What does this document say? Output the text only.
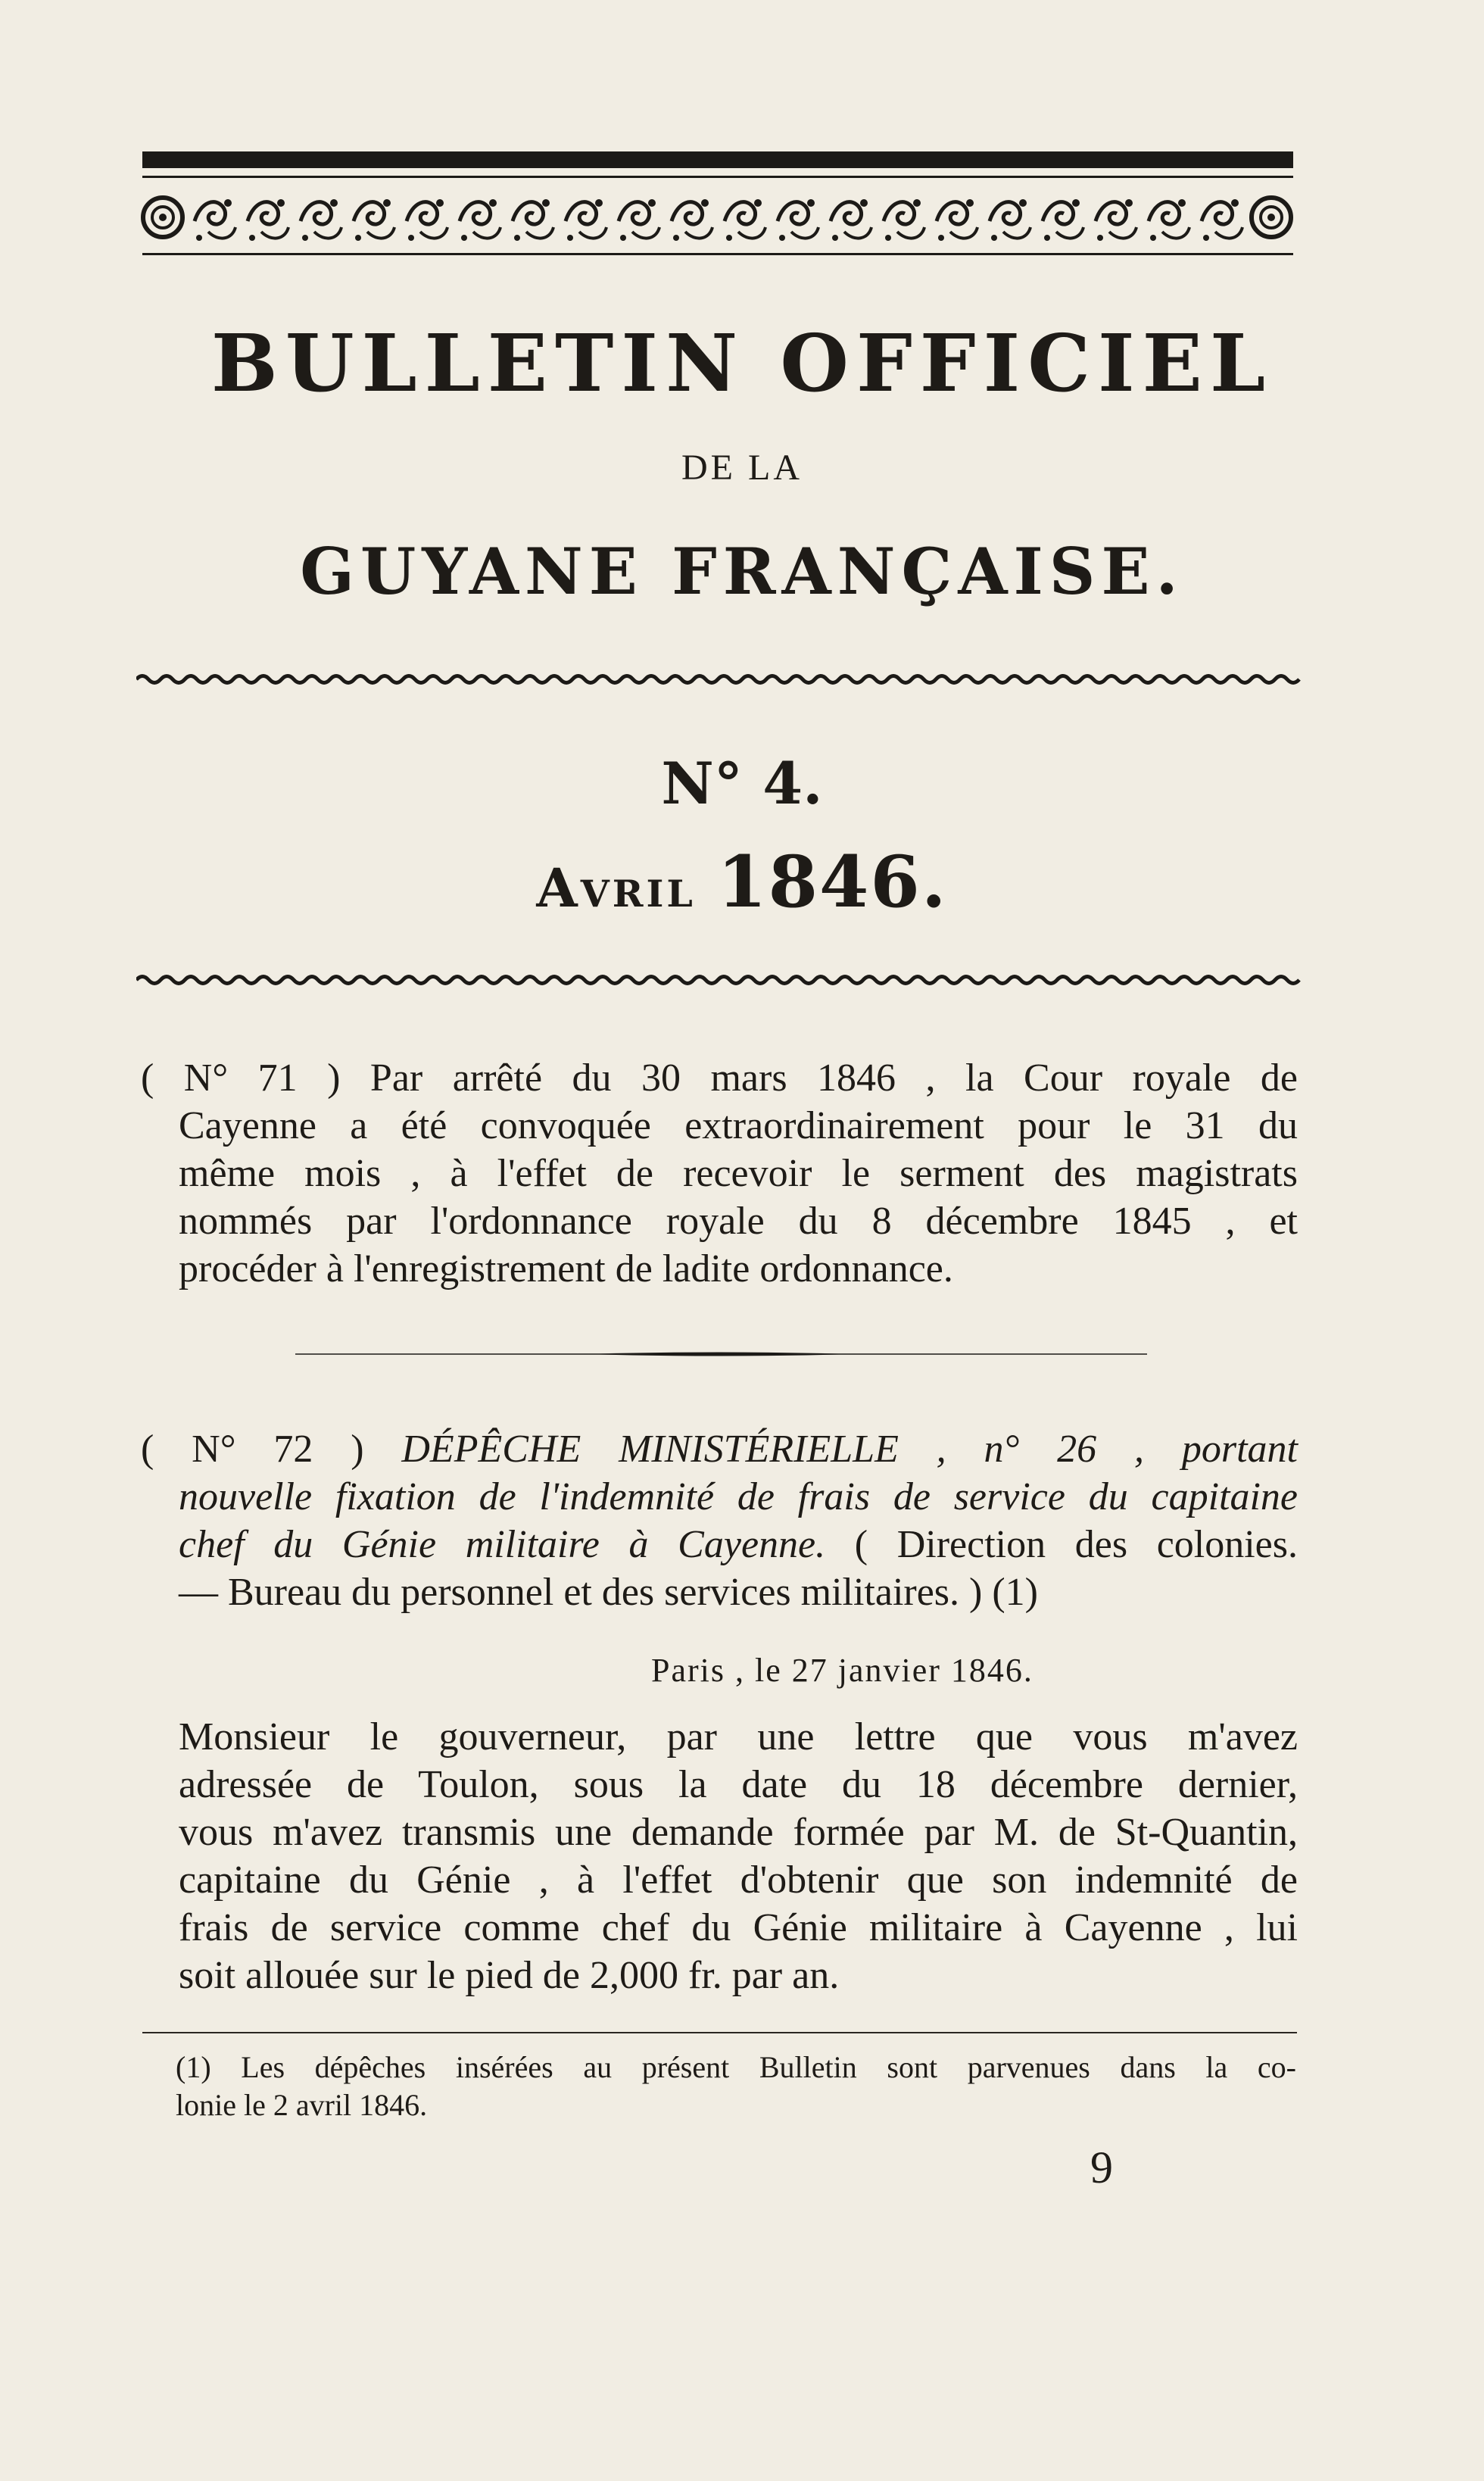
BULLETIN OFFICIEL
DE LA
GUYANE FRANÇAISE.
N° 4.
Avril 1846.
( N° 71 ) Par arrêté du 30 mars 1846 , la Cour royale de
Cayenne a été convoquée extraordinairement pour le 31 du
même mois , à l'effet de recevoir le serment des magistrats
nommés par l'ordonnance royale du 8 décembre 1845 , et
procéder à l'enregistrement de ladite ordonnance.
( N° 72 ) DÉPÊCHE MINISTÉRIELLE , n° 26 , portant
nouvelle fixation de l'indemnité de frais de service du capitaine
chef du Génie militaire à Cayenne. ( Direction des colonies.
— Bureau du personnel et des services militaires. ) (1)
Paris , le 27 janvier 1846.
Monsieur le gouverneur, par une lettre que vous m'avez
adressée de Toulon, sous la date du 18 décembre dernier,
vous m'avez transmis une demande formée par M. de St-Quantin,
capitaine du Génie , à l'effet d'obtenir que son indemnité de
frais de service comme chef du Génie militaire à Cayenne , lui
soit allouée sur le pied de 2,000 fr. par an.
(1) Les dépêches insérées au présent Bulletin sont parvenues dans la co-
lonie le 2 avril 1846.
9
